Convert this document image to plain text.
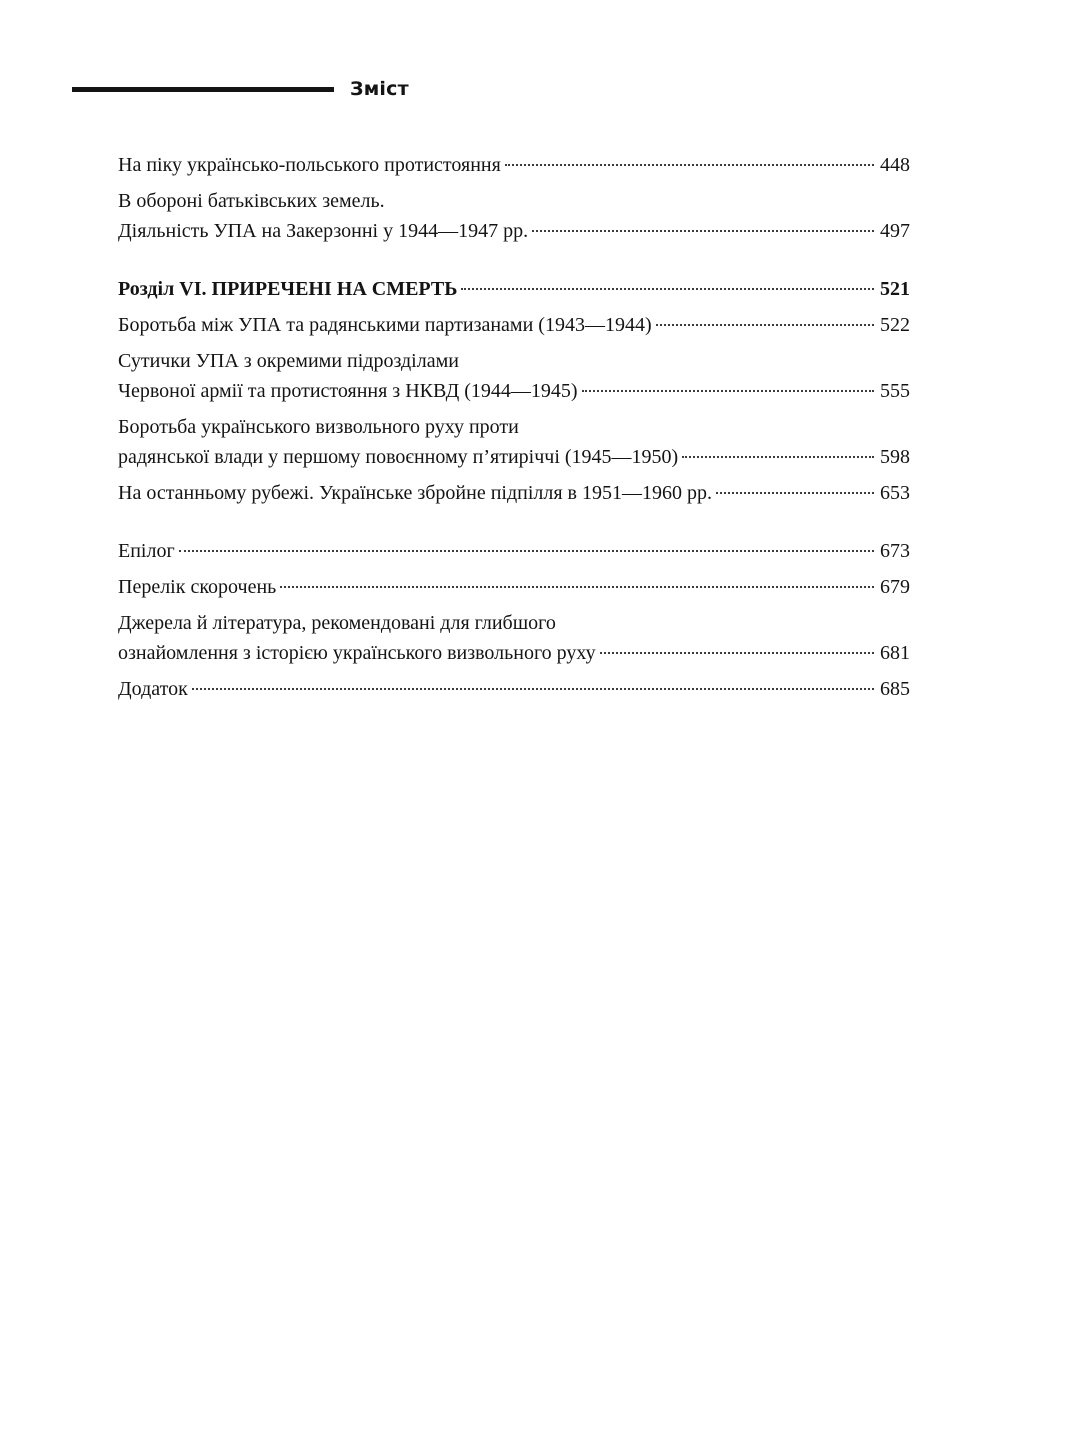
Зміст
На піку українсько-польського протистояння	448
В обороні батьківських земель.
Діяльність УПА на Закерзонні у 1944—1947 рр.	497
Розділ VI. ПРИРЕЧЕНІ НА СМЕРТЬ	521
Боротьба між УПА та радянськими партизанами (1943—1944)	522
Сутички УПА з окремими підрозділами
Червоної армії та протистояння з НКВД (1944—1945)	555
Боротьба українського визвольного руху проти
радянської влади у першому повоєнному п’ятиріччі (1945—1950)	598
На останньому рубежі. Українське збройне підпілля в 1951—1960 рр.	653
Епілог	673
Перелік скорочень	679
Джерела й література, рекомендовані для глибшого
ознайомлення з історією українського визвольного руху	681
Додаток	685
